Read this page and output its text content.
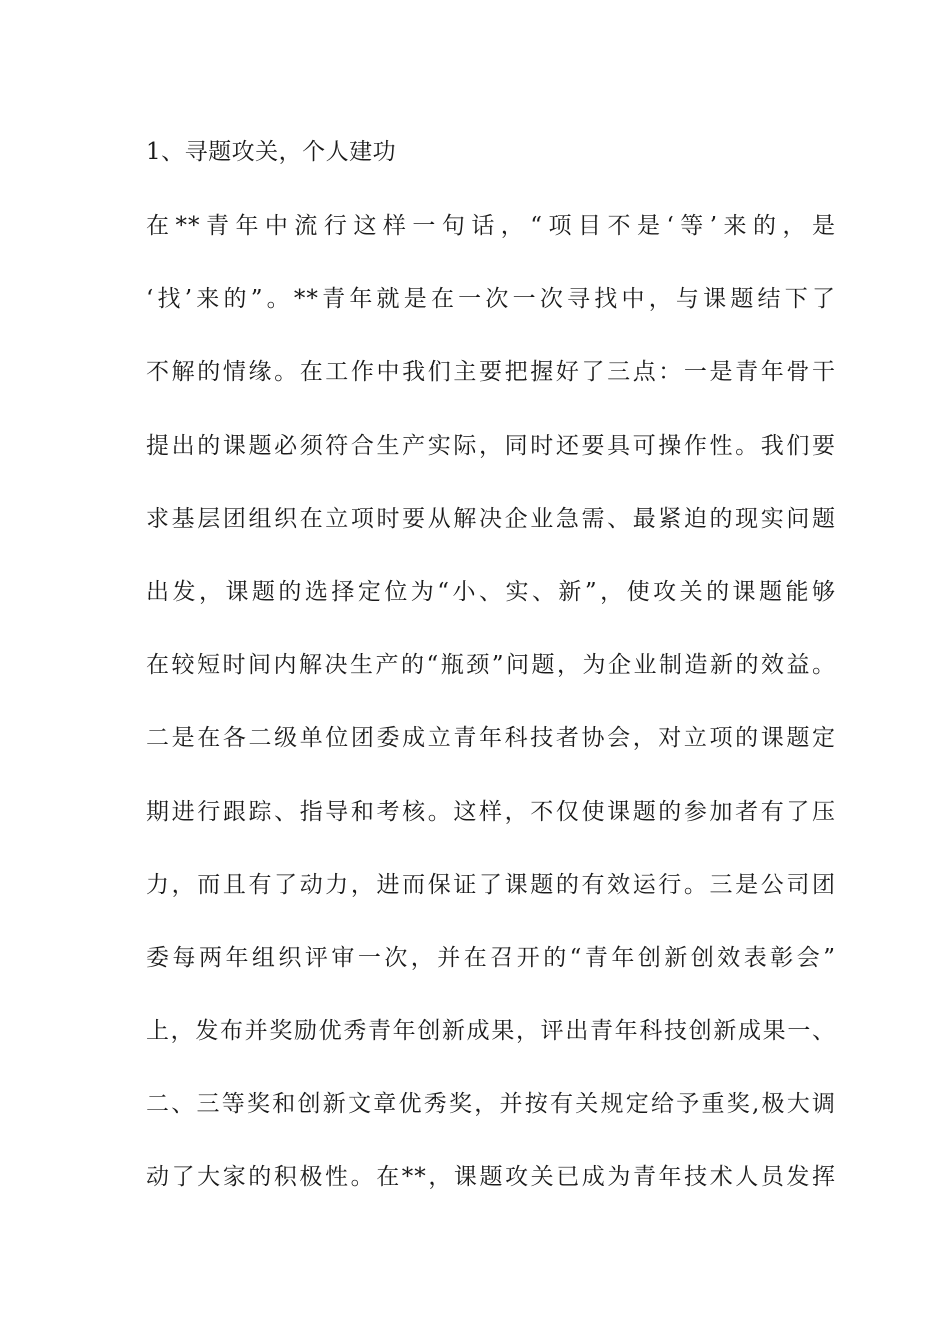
1、寻题攻关，个人建功
在**青年中流行这样一句话，“项目不是‘等’来的，是
‘找’来的”。**青年就是在一次一次寻找中，与课题结下了
不解的情缘。在工作中我们主要把握好了三点：一是青年骨干
提出的课题必须符合生产实际，同时还要具可操作性。我们要
求基层团组织在立项时要从解决企业急需、最紧迫的现实问题
出发，课题的选择定位为“小、实、新”，使攻关的课题能够
在较短时间内解决生产的“瓶颈”问题，为企业制造新的效益。
二是在各二级单位团委成立青年科技者协会，对立项的课题定
期进行跟踪、指导和考核。这样，不仅使课题的参加者有了压
力，而且有了动力，进而保证了课题的有效运行。三是公司团
委每两年组织评审一次，并在召开的“青年创新创效表彰会”
上，发布并奖励优秀青年创新成果，评出青年科技创新成果一、
二、三等奖和创新文章优秀奖，并按有关规定给予重奖,极大调
动了大家的积极性。在**，课题攻关已成为青年技术人员发挥
